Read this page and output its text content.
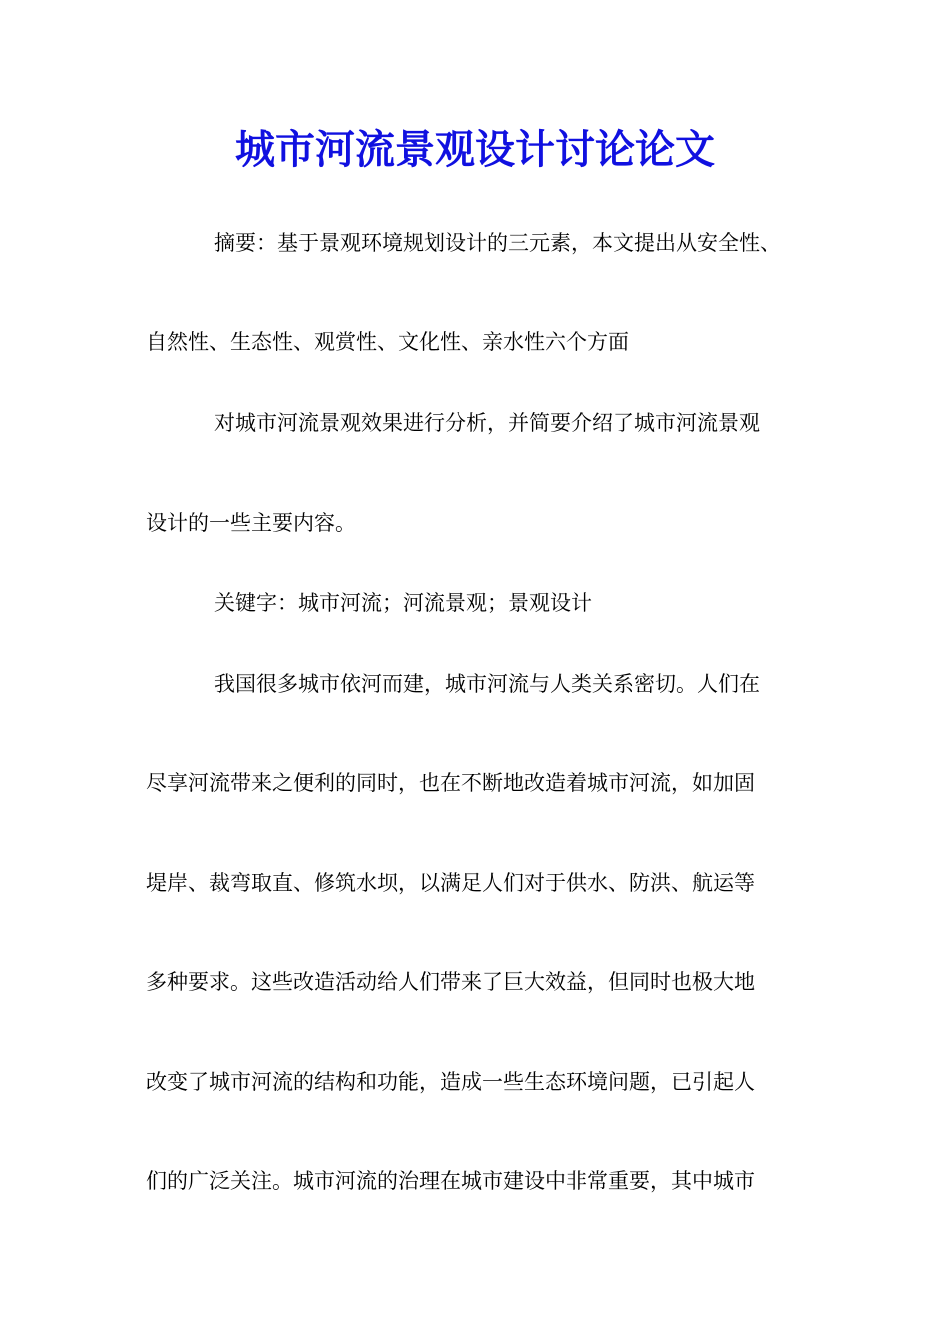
城市河流景观设计讨论论文
摘要：基于景观环境规划设计的三元素，本文提出从安全性、
自然性、生态性、观赏性、文化性、亲水性六个方面
对城市河流景观效果进行分析，并简要介绍了城市河流景观
设计的一些主要内容。
关键字：城市河流；河流景观；景观设计
我国很多城市依河而建，城市河流与人类关系密切。人们在
尽享河流带来之便利的同时，也在不断地改造着城市河流，如加固
堤岸、裁弯取直、修筑水坝，以满足人们对于供水、防洪、航运等
多种要求。这些改造活动给人们带来了巨大效益，但同时也极大地
改变了城市河流的结构和功能，造成一些生态环境问题，已引起人
们的广泛关注。城市河流的治理在城市建设中非常重要，其中城市
